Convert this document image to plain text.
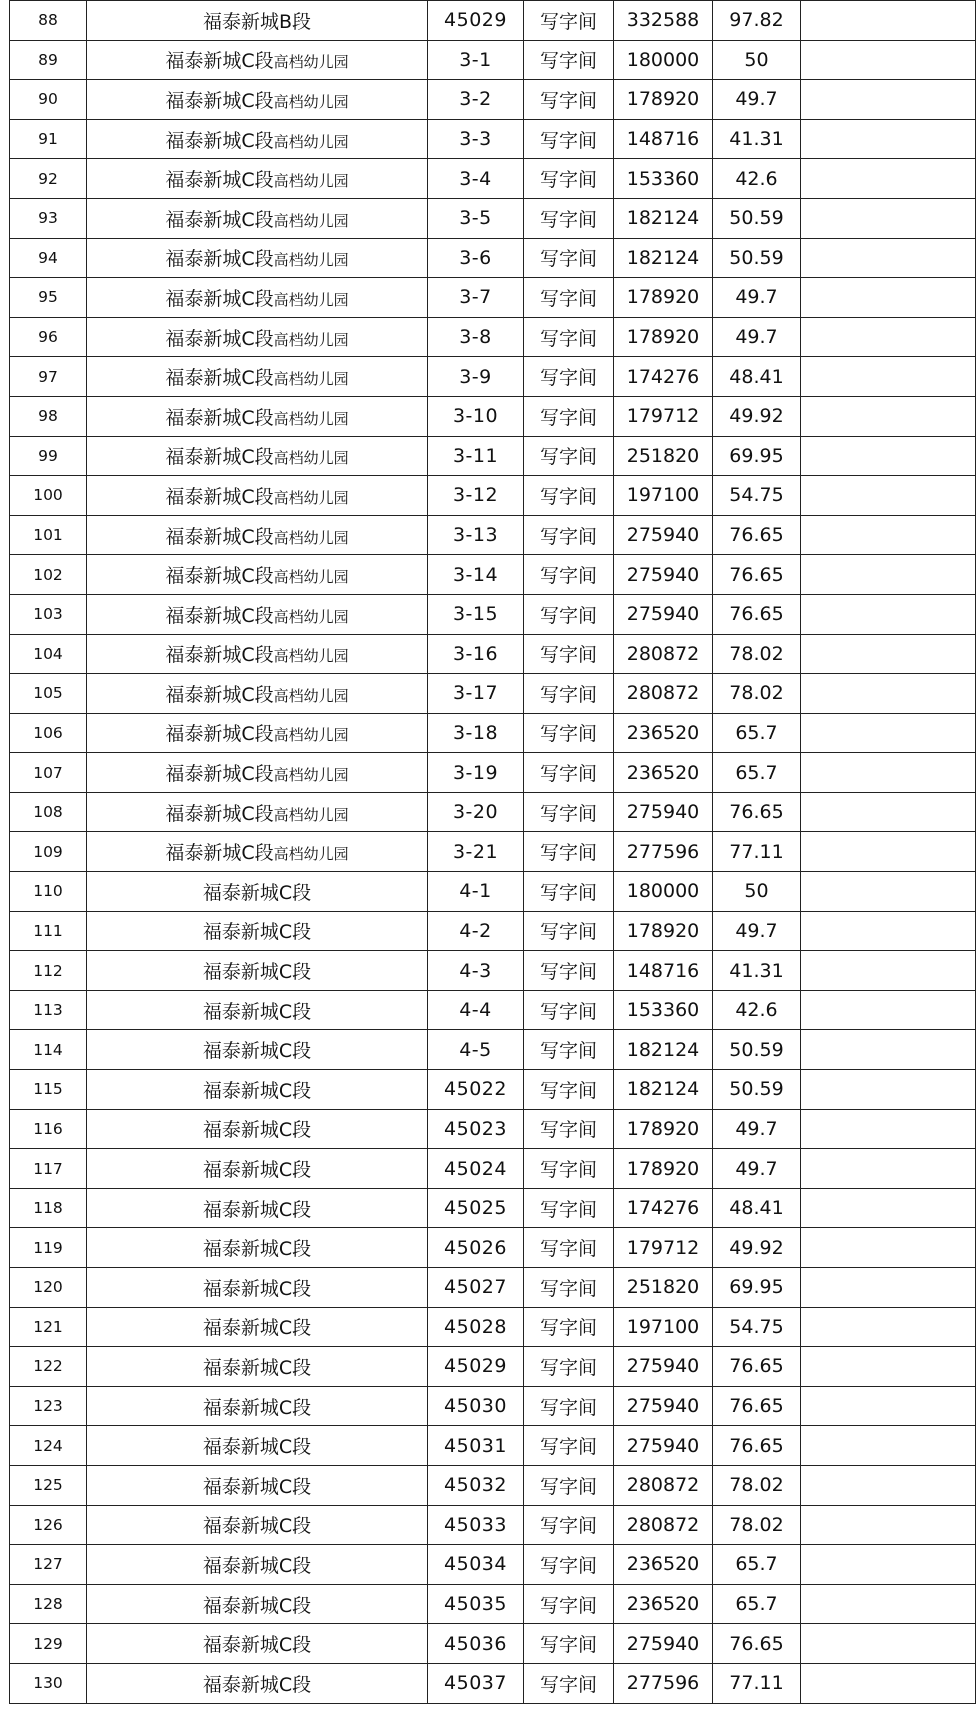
88	福泰新城B段	45029	写字间	332588	97.82	
89	福泰新城C段高档幼儿园	3-1	写字间	180000	50	
90	福泰新城C段高档幼儿园	3-2	写字间	178920	49.7	
91	福泰新城C段高档幼儿园	3-3	写字间	148716	41.31	
92	福泰新城C段高档幼儿园	3-4	写字间	153360	42.6	
93	福泰新城C段高档幼儿园	3-5	写字间	182124	50.59	
94	福泰新城C段高档幼儿园	3-6	写字间	182124	50.59	
95	福泰新城C段高档幼儿园	3-7	写字间	178920	49.7	
96	福泰新城C段高档幼儿园	3-8	写字间	178920	49.7	
97	福泰新城C段高档幼儿园	3-9	写字间	174276	48.41	
98	福泰新城C段高档幼儿园	3-10	写字间	179712	49.92	
99	福泰新城C段高档幼儿园	3-11	写字间	251820	69.95	
100	福泰新城C段高档幼儿园	3-12	写字间	197100	54.75	
101	福泰新城C段高档幼儿园	3-13	写字间	275940	76.65	
102	福泰新城C段高档幼儿园	3-14	写字间	275940	76.65	
103	福泰新城C段高档幼儿园	3-15	写字间	275940	76.65	
104	福泰新城C段高档幼儿园	3-16	写字间	280872	78.02	
105	福泰新城C段高档幼儿园	3-17	写字间	280872	78.02	
106	福泰新城C段高档幼儿园	3-18	写字间	236520	65.7	
107	福泰新城C段高档幼儿园	3-19	写字间	236520	65.7	
108	福泰新城C段高档幼儿园	3-20	写字间	275940	76.65	
109	福泰新城C段高档幼儿园	3-21	写字间	277596	77.11	
110	福泰新城C段	4-1	写字间	180000	50	
111	福泰新城C段	4-2	写字间	178920	49.7	
112	福泰新城C段	4-3	写字间	148716	41.31	
113	福泰新城C段	4-4	写字间	153360	42.6	
114	福泰新城C段	4-5	写字间	182124	50.59	
115	福泰新城C段	45022	写字间	182124	50.59	
116	福泰新城C段	45023	写字间	178920	49.7	
117	福泰新城C段	45024	写字间	178920	49.7	
118	福泰新城C段	45025	写字间	174276	48.41	
119	福泰新城C段	45026	写字间	179712	49.92	
120	福泰新城C段	45027	写字间	251820	69.95	
121	福泰新城C段	45028	写字间	197100	54.75	
122	福泰新城C段	45029	写字间	275940	76.65	
123	福泰新城C段	45030	写字间	275940	76.65	
124	福泰新城C段	45031	写字间	275940	76.65	
125	福泰新城C段	45032	写字间	280872	78.02	
126	福泰新城C段	45033	写字间	280872	78.02	
127	福泰新城C段	45034	写字间	236520	65.7	
128	福泰新城C段	45035	写字间	236520	65.7	
129	福泰新城C段	45036	写字间	275940	76.65	
130	福泰新城C段	45037	写字间	277596	77.11	
